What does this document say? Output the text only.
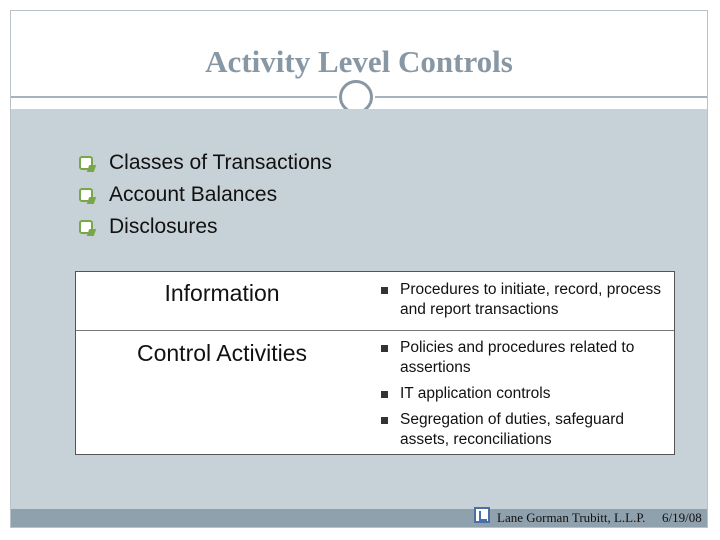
Activity Level Controls
Classes of Transactions
Account Balances
Disclosures
Information	Procedures to initiate, record, process and report transactions
Control Activities	Policies and procedures related to assertions
IT application controls
Segregation of duties, safeguard assets, reconciliations
Lane Gorman Trubitt, L.L.P. 6/19/08
